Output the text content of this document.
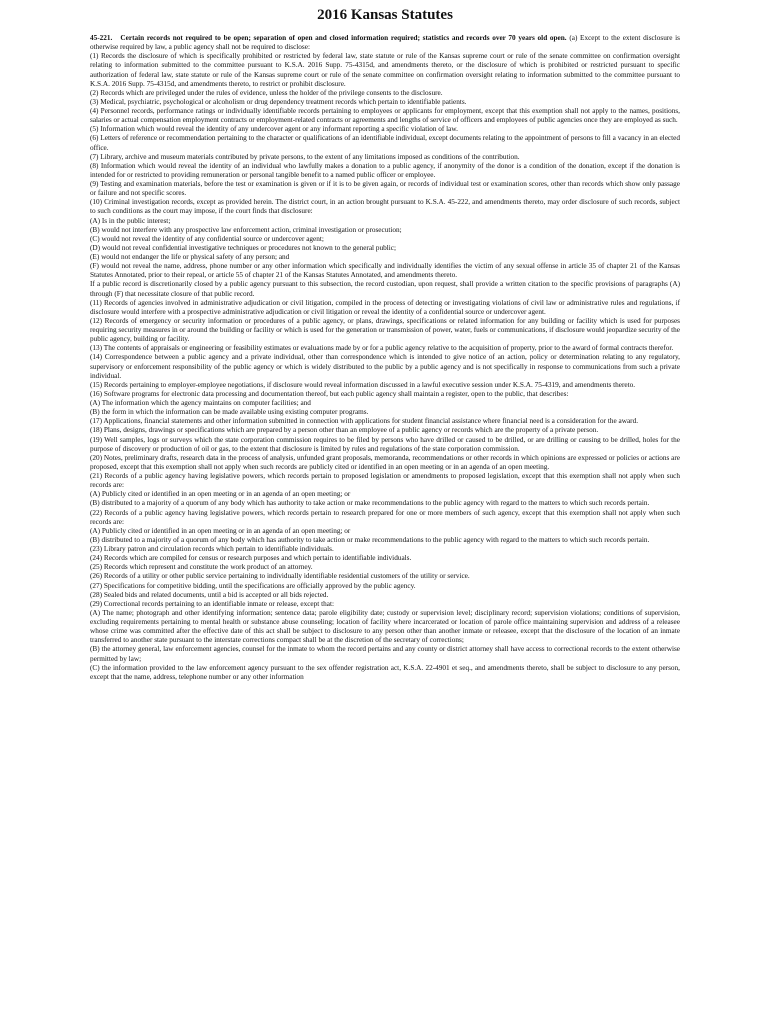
2016 Kansas Statutes

45-221. Certain records not required to be open; separation of open and closed information required; statistics and records over 70 years old open. (a) Except to the extent disclosure is otherwise required by law, a public agency shall not be required to disclose:

(1) Records the disclosure of which is specifically prohibited or restricted by federal law, state statute or rule of the Kansas supreme court or rule of the senate committee on confirmation oversight relating to information submitted to the committee pursuant to K.S.A. 2016 Supp. 75-4315d, and amendments thereto, or the disclosure of which is prohibited or restricted pursuant to specific authorization of federal law, state statute or rule of the Kansas supreme court or rule of the senate committee on confirmation oversight relating to information submitted to the committee pursuant to K.S.A. 2016 Supp. 75-4315d, and amendments thereto, to restrict or prohibit disclosure.

(2) Records which are privileged under the rules of evidence, unless the holder of the privilege consents to the disclosure.

(3) Medical, psychiatric, psychological or alcoholism or drug dependency treatment records which pertain to identifiable patients.

(4) Personnel records, performance ratings or individually identifiable records pertaining to employees or applicants for employment, except that this exemption shall not apply to the names, positions, salaries or actual compensation employment contracts or employment-related contracts or agreements and lengths of service of officers and employees of public agencies once they are employed as such.

(5) Information which would reveal the identity of any undercover agent or any informant reporting a specific violation of law.

(6) Letters of reference or recommendation pertaining to the character or qualifications of an identifiable individual, except documents relating to the appointment of persons to fill a vacancy in an elected office.

(7) Library, archive and museum materials contributed by private persons, to the extent of any limitations imposed as conditions of the contribution.

(8) Information which would reveal the identity of an individual who lawfully makes a donation to a public agency, if anonymity of the donor is a condition of the donation, except if the donation is intended for or restricted to providing remuneration or personal tangible benefit to a named public officer or employee.

(9) Testing and examination materials, before the test or examination is given or if it is to be given again, or records of individual test or examination scores, other than records which show only passage or failure and not specific scores.

(10) Criminal investigation records, except as provided herein. The district court, in an action brought pursuant to K.S.A. 45-222, and amendments thereto, may order disclosure of such records, subject to such conditions as the court may impose, if the court finds that disclosure:

(A) Is in the public interest;

(B) would not interfere with any prospective law enforcement action, criminal investigation or prosecution;

(C) would not reveal the identity of any confidential source or undercover agent;

(D) would not reveal confidential investigative techniques or procedures not known to the general public;

(E) would not endanger the life or physical safety of any person; and

(F) would not reveal the name, address, phone number or any other information which specifically and individually identifies the victim of any sexual offense in article 35 of chapter 21 of the Kansas Statutes Annotated, prior to their repeal, or article 55 of chapter 21 of the Kansas Statutes Annotated, and amendments thereto.

If a public record is discretionarily closed by a public agency pursuant to this subsection, the record custodian, upon request, shall provide a written citation to the specific provisions of paragraphs (A) through (F) that necessitate closure of that public record.

(11) Records of agencies involved in administrative adjudication or civil litigation, compiled in the process of detecting or investigating violations of civil law or administrative rules and regulations, if disclosure would interfere with a prospective administrative adjudication or civil litigation or reveal the identity of a confidential source or undercover agent.

(12) Records of emergency or security information or procedures of a public agency, or plans, drawings, specifications or related information for any building or facility which is used for purposes requiring security measures in or around the building or facility or which is used for the generation or transmission of power, water, fuels or communications, if disclosure would jeopardize security of the public agency, building or facility.

(13) The contents of appraisals or engineering or feasibility estimates or evaluations made by or for a public agency relative to the acquisition of property, prior to the award of formal contracts therefor.

(14) Correspondence between a public agency and a private individual, other than correspondence which is intended to give notice of an action, policy or determination relating to any regulatory, supervisory or enforcement responsibility of the public agency or which is widely distributed to the public by a public agency and is not specifically in response to communications from such a private individual.

(15) Records pertaining to employer-employee negotiations, if disclosure would reveal information discussed in a lawful executive session under K.S.A. 75-4319, and amendments thereto.

(16) Software programs for electronic data processing and documentation thereof, but each public agency shall maintain a register, open to the public, that describes:

(A) The information which the agency maintains on computer facilities; and

(B) the form in which the information can be made available using existing computer programs.

(17) Applications, financial statements and other information submitted in connection with applications for student financial assistance where financial need is a consideration for the award.

(18) Plans, designs, drawings or specifications which are prepared by a person other than an employee of a public agency or records which are the property of a private person.

(19) Well samples, logs or surveys which the state corporation commission requires to be filed by persons who have drilled or caused to be drilled, or are drilling or causing to be drilled, holes for the purpose of discovery or production of oil or gas, to the extent that disclosure is limited by rules and regulations of the state corporation commission.

(20) Notes, preliminary drafts, research data in the process of analysis, unfunded grant proposals, memoranda, recommendations or other records in which opinions are expressed or policies or actions are proposed, except that this exemption shall not apply when such records are publicly cited or identified in an open meeting or in an agenda of an open meeting.

(21) Records of a public agency having legislative powers, which records pertain to proposed legislation or amendments to proposed legislation, except that this exemption shall not apply when such records are:

(A) Publicly cited or identified in an open meeting or in an agenda of an open meeting; or

(B) distributed to a majority of a quorum of any body which has authority to take action or make recommendations to the public agency with regard to the matters to which such records pertain.

(22) Records of a public agency having legislative powers, which records pertain to research prepared for one or more members of such agency, except that this exemption shall not apply when such records are:

(A) Publicly cited or identified in an open meeting or in an agenda of an open meeting; or

(B) distributed to a majority of a quorum of any body which has authority to take action or make recommendations to the public agency with regard to the matters to which such records pertain.

(23) Library patron and circulation records which pertain to identifiable individuals.

(24) Records which are compiled for census or research purposes and which pertain to identifiable individuals.

(25) Records which represent and constitute the work product of an attorney.

(26) Records of a utility or other public service pertaining to individually identifiable residential customers of the utility or service.

(27) Specifications for competitive bidding, until the specifications are officially approved by the public agency.

(28) Sealed bids and related documents, until a bid is accepted or all bids rejected.

(29) Correctional records pertaining to an identifiable inmate or release, except that:

(A) The name; photograph and other identifying information; sentence data; parole eligibility date; custody or supervision level; disciplinary record; supervision violations; conditions of supervision, excluding requirements pertaining to mental health or substance abuse counseling; location of facility where incarcerated or location of parole office maintaining supervision and address of a releasee whose crime was committed after the effective date of this act shall be subject to disclosure to any person other than another inmate or releasee, except that the disclosure of the location of an inmate transferred to another state pursuant to the interstate corrections compact shall be at the discretion of the secretary of corrections;

(B) the attorney general, law enforcement agencies, counsel for the inmate to whom the record pertains and any county or district attorney shall have access to correctional records to the extent otherwise permitted by law;

(C) the information provided to the law enforcement agency pursuant to the sex offender registration act, K.S.A. 22-4901 et seq., and amendments thereto, shall be subject to disclosure to any person, except that the name, address, telephone number or any other information
